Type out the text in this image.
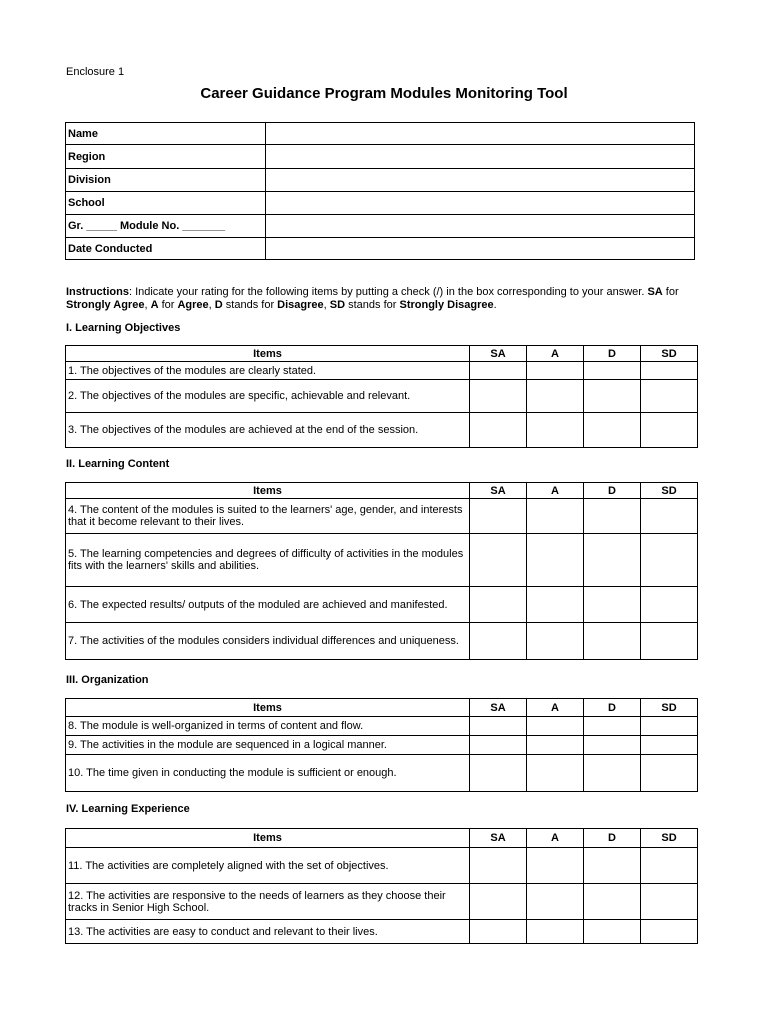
Enclosure 1
Career Guidance Program Modules Monitoring Tool
Name	
Region	
Division	
School	
Gr. _____ Module No. _______	
Date Conducted	
Instructions: Indicate your rating for the following items by putting a check (/) in the box corresponding to your answer. SA for Strongly Agree, A for Agree, D stands for Disagree, SD stands for Strongly Disagree.
I. Learning Objectives
Items	SA	A	D	SD
1. The objectives of the modules are clearly stated.				
2. The objectives of the modules are specific, achievable and relevant.				
3. The objectives of the modules are achieved at the end of the session.				
II. Learning Content
Items	SA	A	D	SD
4. The content of the modules is suited to the learners' age, gender, and interests that it become relevant to their lives.				
5. The learning competencies and degrees of difficulty of activities in the modules fits with the learners' skills and abilities.				
6. The expected results/ outputs of the moduled are achieved and manifested.				
7. The activities of the modules considers individual differences and uniqueness.				
III. Organization
Items	SA	A	D	SD
8. The module is well-organized in terms of content and flow.				
9. The activities in the module are sequenced in a logical manner.				
10. The time given in conducting the module is sufficient or enough.				
IV. Learning Experience
Items	SA	A	D	SD
11. The activities are completely aligned with the set of objectives.				
12. The activities are responsive to the needs of learners as they choose their tracks in Senior High School.				
13. The activities are easy to conduct and relevant to their lives.				
